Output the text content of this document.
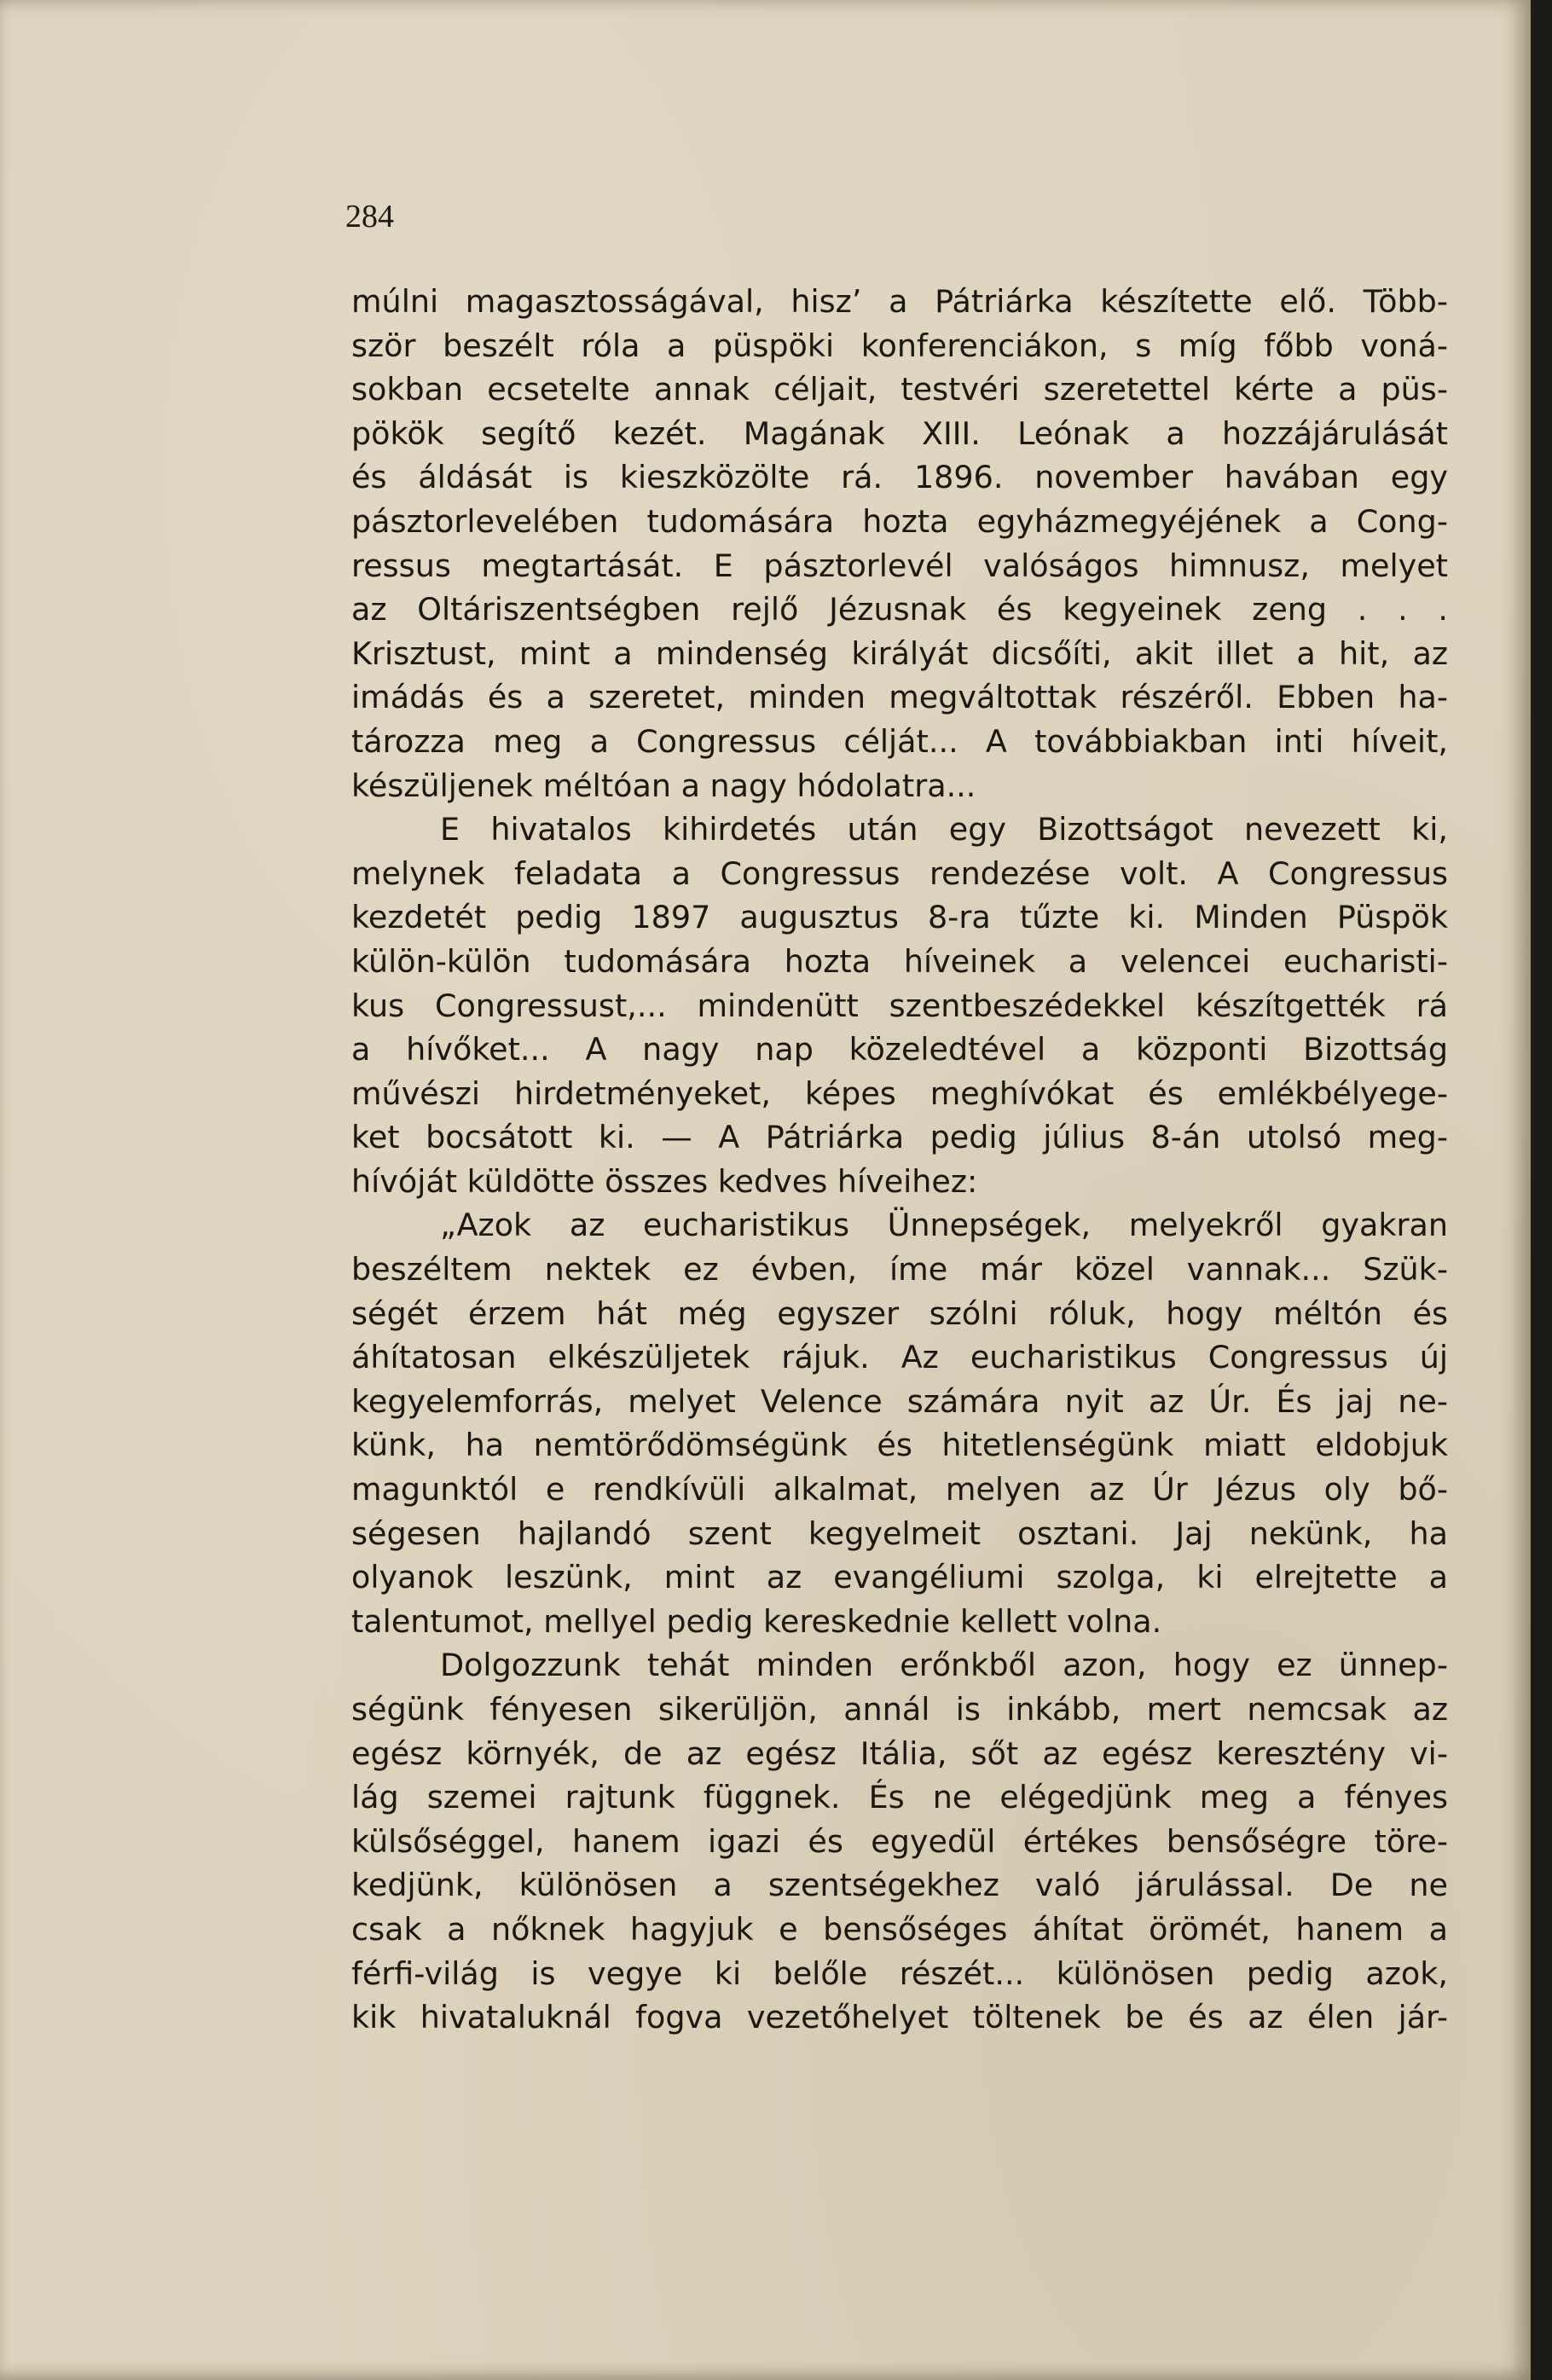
284
múlni magasztosságával, hisz’ a Pátriárka készítette elő. Több-
ször beszélt róla a püspöki konferenciákon, s míg főbb voná-
sokban ecsetelte annak céljait, testvéri szeretettel kérte a püs-
pökök segítő kezét. Magának XIII. Leónak a hozzájárulását
és áldását is kieszközölte rá. 1896. november havában egy
pásztorlevelében tudomására hozta egyházmegyéjének a Cong-
ressus megtartását. E pásztorlevél valóságos himnusz, melyet
az Oltáriszentségben rejlő Jézusnak és kegyeinek zeng . . .
Krisztust, mint a mindenség királyát dicsőíti, akit illet a hit, az
imádás és a szeretet, minden megváltottak részéről. Ebben ha-
tározza meg a Congressus célját... A továbbiakban inti híveit,
készüljenek méltóan a nagy hódolatra...
E hivatalos kihirdetés után egy Bizottságot nevezett ki,
melynek feladata a Congressus rendezése volt. A Congressus
kezdetét pedig 1897 augusztus 8-ra tűzte ki. Minden Püspök
külön-külön tudomására hozta híveinek a velencei eucharisti-
kus Congressust,... mindenütt szentbeszédekkel készítgették rá
a hívőket... A nagy nap közeledtével a központi Bizottság
művészi hirdetményeket, képes meghívókat és emlékbélyege-
ket bocsátott ki. — A Pátriárka pedig július 8-án utolsó meg-
hívóját küldötte összes kedves híveihez:
„Azok az eucharistikus Ünnepségek, melyekről gyakran
beszéltem nektek ez évben, íme már közel vannak... Szük-
ségét érzem hát még egyszer szólni róluk, hogy méltón és
áhítatosan elkészüljetek rájuk. Az eucharistikus Congressus új
kegyelemforrás, melyet Velence számára nyit az Úr. És jaj ne-
künk, ha nemtörődömségünk és hitetlenségünk miatt eldobjuk
magunktól e rendkívüli alkalmat, melyen az Úr Jézus oly bő-
ségesen hajlandó szent kegyelmeit osztani. Jaj nekünk, ha
olyanok leszünk, mint az evangéliumi szolga, ki elrejtette a
talentumot, mellyel pedig kereskednie kellett volna.
Dolgozzunk tehát minden erőnkből azon, hogy ez ünnep-
ségünk fényesen sikerüljön, annál is inkább, mert nemcsak az
egész környék, de az egész Itália, sőt az egész keresztény vi-
lág szemei rajtunk függnek. És ne elégedjünk meg a fényes
külsőséggel, hanem igazi és egyedül értékes bensőségre töre-
kedjünk, különösen a szentségekhez való járulással. De ne
csak a nőknek hagyjuk e bensőséges áhítat örömét, hanem a
férfi-világ is vegye ki belőle részét... különösen pedig azok,
kik hivataluknál fogva vezetőhelyet töltenek be és az élen jár-
